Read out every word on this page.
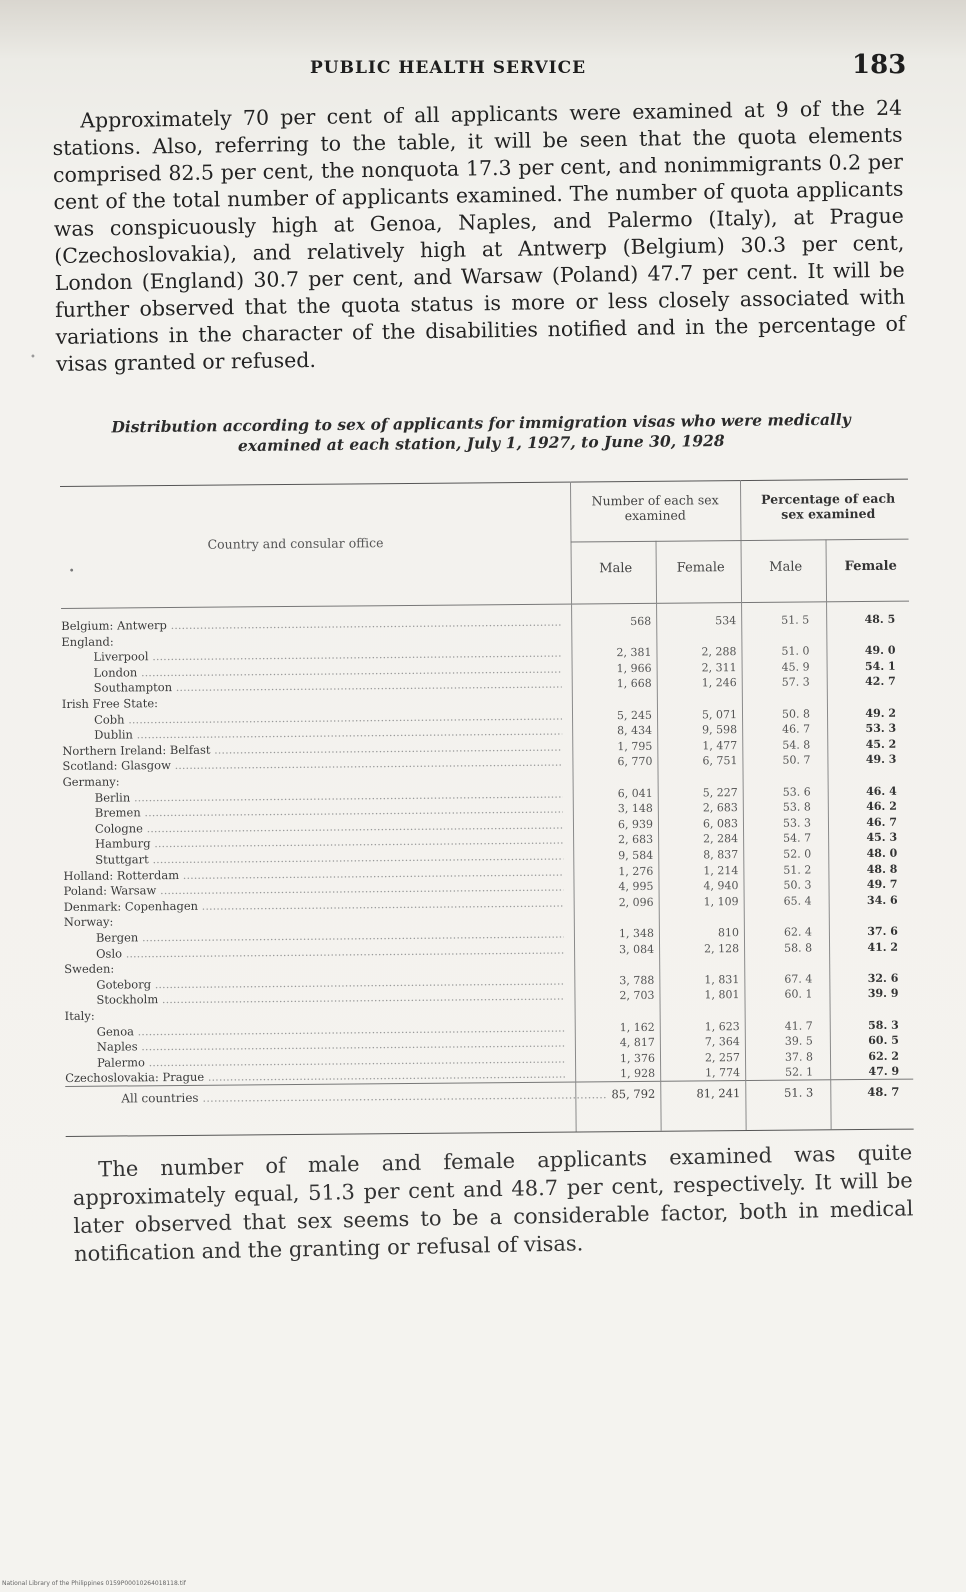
PUBLIC HEALTH SERVICE	183

Approximately 70 per cent of all applicants were examined at 9 of the 24 stations. Also, referring to the table, it will be seen that the quota elements comprised 82.5 per cent, the nonquota 17.3 per cent, and nonimmigrants 0.2 per cent of the total number of applicants examined. The number of quota applicants was conspicuously high at Genoa, Naples, and Palermo (Italy), at Prague (Czechoslovakia), and relatively high at Antwerp (Belgium) 30.3 per cent, London (England) 30.7 per cent, and Warsaw (Poland) 47.7 per cent. It will be further observed that the quota status is more or less closely associated with variations in the character of the disabilities notified and in the percentage of visas granted or refused.

•
Distribution according to sex of applicants for immigration visas who were medically
examined at each station, July 1, 1927, to June 30, 1928
Country and consular office
•
Number of each sex examined
Percentage of each sex examined
Male	Female	Male	Female
Belgium: Antwerp .....	568	534	51. 5	48. 5
England:
Liverpool .....	2, 381	2, 288	51. 0	49. 0
London .....	1, 966	2, 311	45. 9	54. 1
Southampton .....	1, 668	1, 246	57. 3	42. 7
Irish Free State:
Cobh .....	5, 245	5, 071	50. 8	49. 2
Dublin .....	8, 434	9, 598	46. 7	53. 3
Northern Ireland: Belfast .....	1, 795	1, 477	54. 8	45. 2
Scotland: Glasgow .....	6, 770	6, 751	50. 7	49. 3
Germany:
Berlin .....	6, 041	5, 227	53. 6	46. 4
Bremen .....	3, 148	2, 683	53. 8	46. 2
Cologne .....	6, 939	6, 083	53. 3	46. 7
Hamburg .....	2, 683	2, 284	54. 7	45. 3
Stuttgart .....	9, 584	8, 837	52. 0	48. 0
Holland: Rotterdam .....	1, 276	1, 214	51. 2	48. 8
Poland: Warsaw .....	4, 995	4, 940	50. 3	49. 7
Denmark: Copenhagen .....	2, 096	1, 109	65. 4	34. 6
Norway:
Bergen .....	1, 348	810	62. 4	37. 6
Oslo .....	3, 084	2, 128	58. 8	41. 2
Sweden:
Goteborg .....	3, 788	1, 831	67. 4	32. 6
Stockholm .....	2, 703	1, 801	60. 1	39. 9
Italy:
Genoa .....	1, 162	1, 623	41. 7	58. 3
Naples .....	4, 817	7, 364	39. 5	60. 5
Palermo .....	1, 376	2, 257	37. 8	62. 2
Czechoslovakia: Prague .....	1, 928	1, 774	52. 1	47. 9
All countries .....	85, 792	81, 241	51. 3	48. 7

The number of male and female applicants examined was quite approximately equal, 51.3 per cent and 48.7 per cent, respectively. It will be later observed that sex seems to be a considerable factor, both in medical notification and the granting or refusal of visas.

National Library of the Philippines 0159P00010264018118.tif
